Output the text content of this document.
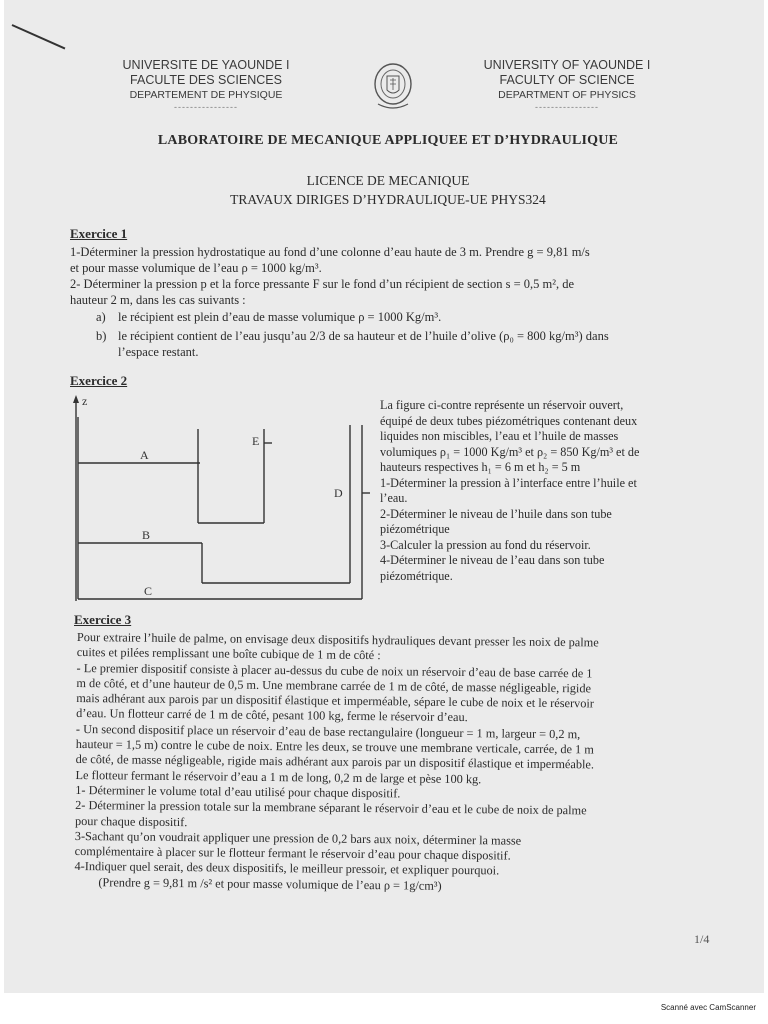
UNIVERSITE DE YAOUNDE I
FACULTE DES SCIENCES
DEPARTEMENT DE PHYSIQUE
----------------
UNIVERSITY OF YAOUNDE I
FACULTY OF SCIENCE
DEPARTMENT OF PHYSICS
----------------
LABORATOIRE DE MECANIQUE APPLIQUEE ET D’HYDRAULIQUE
LICENCE DE MECANIQUE
TRAVAUX DIRIGES D’HYDRAULIQUE-UE PHYS324
Exercice 1
1-Déterminer la pression hydrostatique au fond d’une colonne d’eau haute de 3 m. Prendre g = 9,81 m/s
et pour masse volumique de l’eau ρ = 1000 kg/m³.
2- Déterminer la pression p et la force pressante F sur le fond d’un récipient de section s = 0,5 m², de
hauteur 2 m, dans les cas suivants :
a) le récipient est plein d’eau de masse volumique ρ = 1000 Kg/m³.
b) le récipient contient de l’eau jusqu’au 2/3 de sa hauteur et de l’huile d’olive (ρ₀ = 800 kg/m³) dans
l’espace restant.
Exercice 2
z
A
B
C
D
E
La figure ci-contre représente un réservoir ouvert,
équipé de deux tubes piézométriques contenant deux
liquides non miscibles, l’eau et l’huile de masses
volumiques ρ₁ = 1000 Kg/m³ et ρ₂ = 850 Kg/m³ et de
hauteurs respectives h₁ = 6 m et h₂ = 5 m
1-Déterminer la pression à l’interface entre l’huile et
l’eau.
2-Déterminer le niveau de l’huile dans son tube
piézométrique
3-Calculer la pression au fond du réservoir.
4-Déterminer le niveau de l’eau dans son tube
piézométrique.
Exercice 3
Pour extraire l’huile de palme, on envisage deux dispositifs hydrauliques devant presser les noix de palme
cuites et pilées remplissant une boîte cubique de 1 m de côté :
- Le premier dispositif consiste à placer au-dessus du cube de noix un réservoir d’eau de base carrée de 1
m de côté, et d’une hauteur de 0,5 m. Une membrane carrée de 1 m de côté, de masse négligeable, rigide
mais adhérant aux parois par un dispositif élastique et imperméable, sépare le cube de noix et le réservoir
d’eau. Un flotteur carré de 1 m de côté, pesant 100 kg, ferme le réservoir d’eau.
- Un second dispositif place un réservoir d’eau de base rectangulaire (longueur = 1 m, largeur = 0,2 m,
hauteur = 1,5 m) contre le cube de noix. Entre les deux, se trouve une membrane verticale, carrée, de 1 m
de côté, de masse négligeable, rigide mais adhérant aux parois par un dispositif élastique et imperméable.
Le flotteur fermant le réservoir d’eau a 1 m de long, 0,2 m de large et pèse 100 kg.
1- Déterminer le volume total d’eau utilisé pour chaque dispositif.
2- Déterminer la pression totale sur la membrane séparant le réservoir d’eau et le cube de noix de palme
pour chaque dispositif.
3-Sachant qu’on voudrait appliquer une pression de 0,2 bars aux noix, déterminer la masse
complémentaire à placer sur le flotteur fermant le réservoir d’eau pour chaque dispositif.
4-Indiquer quel serait, des deux dispositifs, le meilleur pressoir, et expliquer pourquoi.
(Prendre g = 9,81 m /s² et pour masse volumique de l’eau ρ = 1g/cm³)
1/4
Scanné avec CamScanner
